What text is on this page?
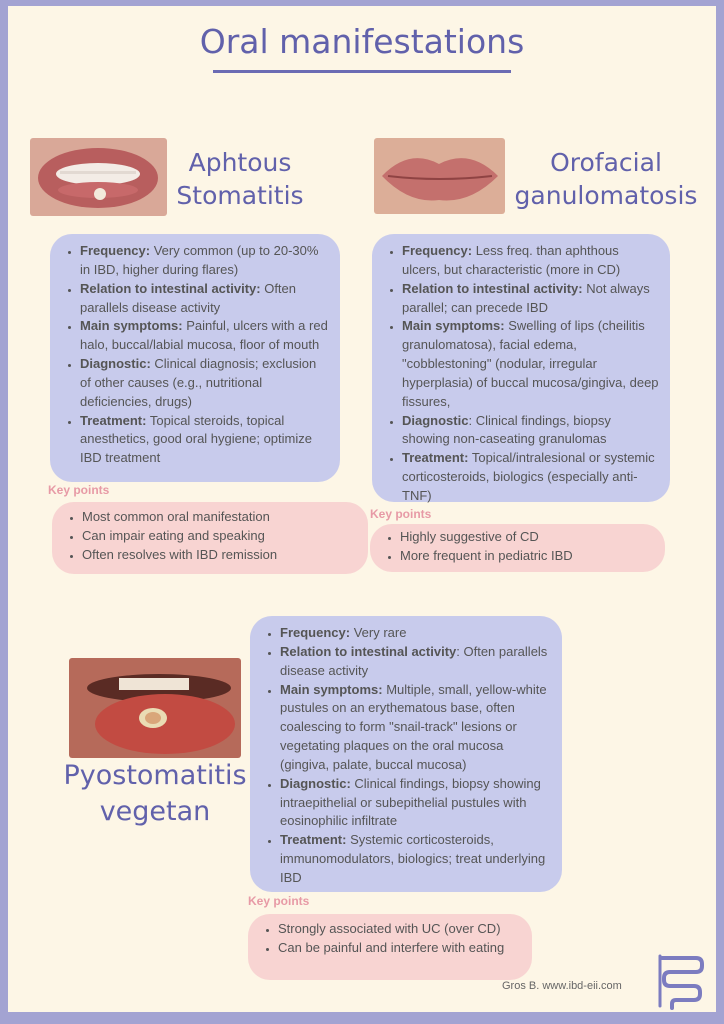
Oral manifestations
Aphtous
Stomatitis
• Frequency: Very common (up to 20-30% in IBD, higher during flares)
• Relation to intestinal activity: Often parallels disease activity
• Main symptoms: Painful, ulcers with a red halo, buccal/labial mucosa, floor of mouth
• Diagnostic: Clinical diagnosis; exclusion of other causes (e.g., nutritional deficiencies, drugs)
• Treatment: Topical steroids, topical anesthetics, good oral hygiene; optimize IBD treatment
Key points
• Most common oral manifestation
• Can impair eating and speaking
• Often resolves with IBD remission
Orofacial
ganulomatosis
• Frequency: Less freq. than aphthous ulcers, but characteristic (more in CD)
• Relation to intestinal activity: Not always parallel; can precede IBD
• Main symptoms: Swelling of lips (cheilitis granulomatosa), facial edema, "cobblestoning" (nodular, irregular hyperplasia) of buccal mucosa/gingiva, deep fissures,
• Diagnostic: Clinical findings, biopsy showing non-caseating granulomas
• Treatment: Topical/intralesional or systemic corticosteroids, biologics (especially anti-TNF)
Key points
• Highly suggestive of CD
• More frequent in pediatric IBD
Pyostomatitis
vegetan
• Frequency: Very rare
• Relation to intestinal activity: Often parallels disease activity
• Main symptoms: Multiple, small, yellow-white pustules on an erythematous base, often coalescing to form "snail-track" lesions or vegetating plaques on the oral mucosa (gingiva, palate, buccal mucosa)
• Diagnostic: Clinical findings, biopsy showing intraepithelial or subepithelial pustules with eosinophilic infiltrate
• Treatment: Systemic corticosteroids, immunomodulators, biologics; treat underlying IBD
Key points
• Strongly associated with UC (over CD)
• Can be painful and interfere with eating
Gros B. www.ibd-eii.com
